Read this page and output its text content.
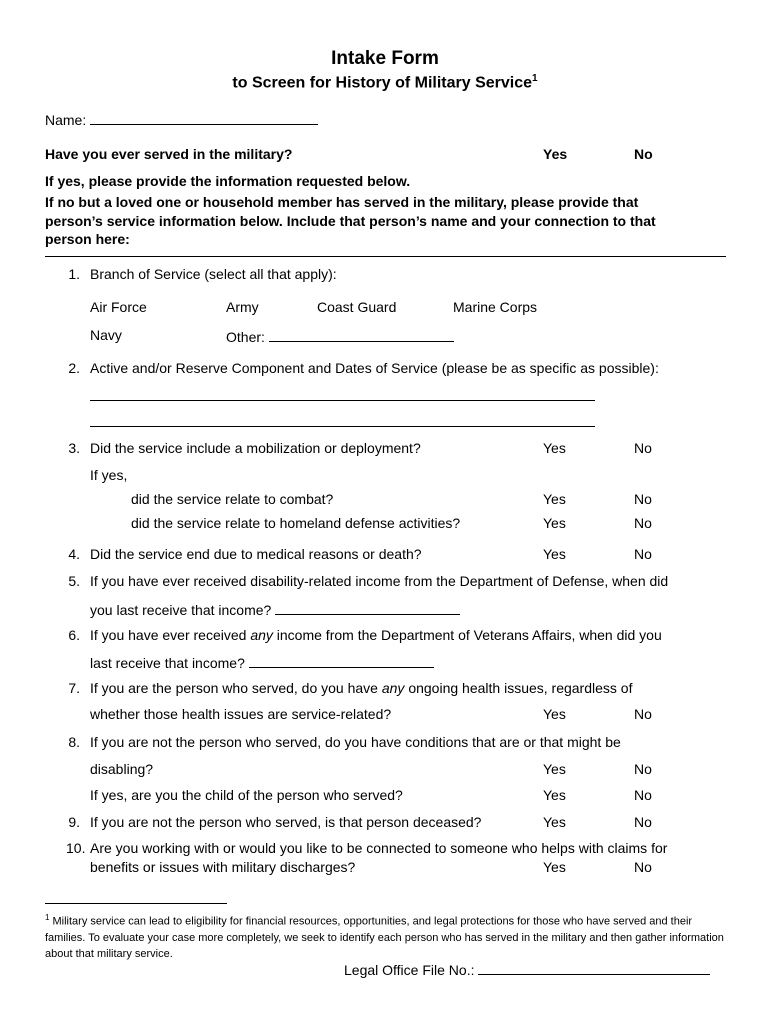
Intake Form
to Screen for History of Military Service$^1$
Name:
Have you ever served in the military?	Yes	No
If yes, please provide the information requested below.
If no but a loved one or household member has served in the military, please provide that
person’s service information below. Include that person’s name and your connection to that
person here:
1. Branch of Service (select all that apply):
Air Force	Army	Coast Guard	Marine Corps
Navy	Other:
2. Active and/or Reserve Component and Dates of Service (please be as specific as possible):
3. Did the service include a mobilization or deployment?	Yes	No
If yes,
did the service relate to combat?	Yes	No
did the service relate to homeland defense activities?	Yes	No
4. Did the service end due to medical reasons or death?	Yes	No
5. If you have ever received disability-related income from the Department of Defense, when did
you last receive that income?
6. If you have ever received any income from the Department of Veterans Affairs, when did you
last receive that income?
7. If you are the person who served, do you have any ongoing health issues, regardless of
whether those health issues are service-related?	Yes	No
8. If you are not the person who served, do you have conditions that are or that might be
disabling?	Yes	No
If yes, are you the child of the person who served?	Yes	No
9. If you are not the person who served, is that person deceased?	Yes	No
10. Are you working with or would you like to be connected to someone who helps with claims for
benefits or issues with military discharges?	Yes	No
$^1$ Military service can lead to eligibility for financial resources, opportunities, and legal protections for those who have served and their families. To evaluate your case more completely, we seek to identify each person who has served in the military and then gather information about that military service.
Legal Office File No.:
